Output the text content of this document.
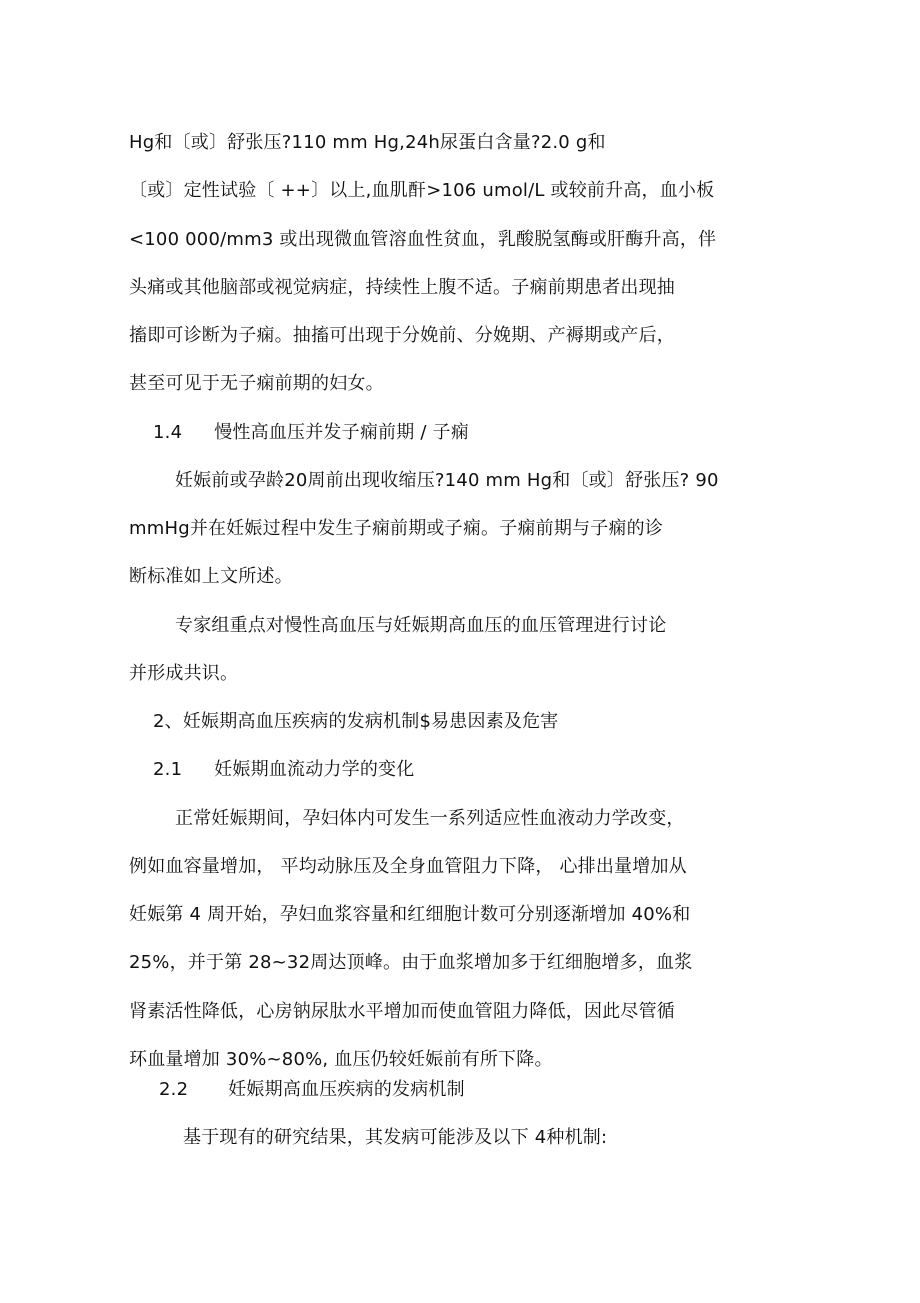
Hg和〔或〕舒张压?110 mm Hg,24h尿蛋白含量?2.0 g和
〔或〕定性试验〔 ++〕以上,血肌酐>106 umol/L 或较前升高，血小板
<100 000/mm3 或出现微血管溶血性贫血，乳酸脱氢酶或肝酶升高，伴
头痛或其他脑部或视觉病症，持续性上腹不适。子痫前期患者出现抽
搐即可诊断为子痫。抽搐可出现于分娩前、分娩期、产褥期或产后，
甚至可见于无子痫前期的妇女。
1.4 慢性高血压并发子痫前期 / 子痫
妊娠前或孕龄20周前出现收缩压?140 mm Hg和〔或〕舒张压? 90
mmHg并在妊娠过程中发生子痫前期或子痫。子痫前期与子痫的诊
断标准如上文所述。
专家组重点对慢性高血压与妊娠期高血压的血压管理进行讨论
并形成共识。
2、妊娠期高血压疾病的发病机制$易患因素及危害
2.1 妊娠期血流动力学的变化
正常妊娠期间，孕妇体内可发生一系列适应性血液动力学改变，
例如血容量增加， 平均动脉压及全身血管阻力下降， 心排出量增加从
妊娠第 4 周开始，孕妇血浆容量和红细胞计数可分别逐渐增加 40%和
25%，并于第 28~32周达顶峰。由于血浆增加多于红细胞增多，血浆
肾素活性降低，心房钠尿肽水平增加而使血管阻力降低，因此尽管循
环血量增加 30%~80%, 血压仍较妊娠前有所下降。
2.2 妊娠期高血压疾病的发病机制
基于现有的研究结果，其发病可能涉及以下 4种机制:
